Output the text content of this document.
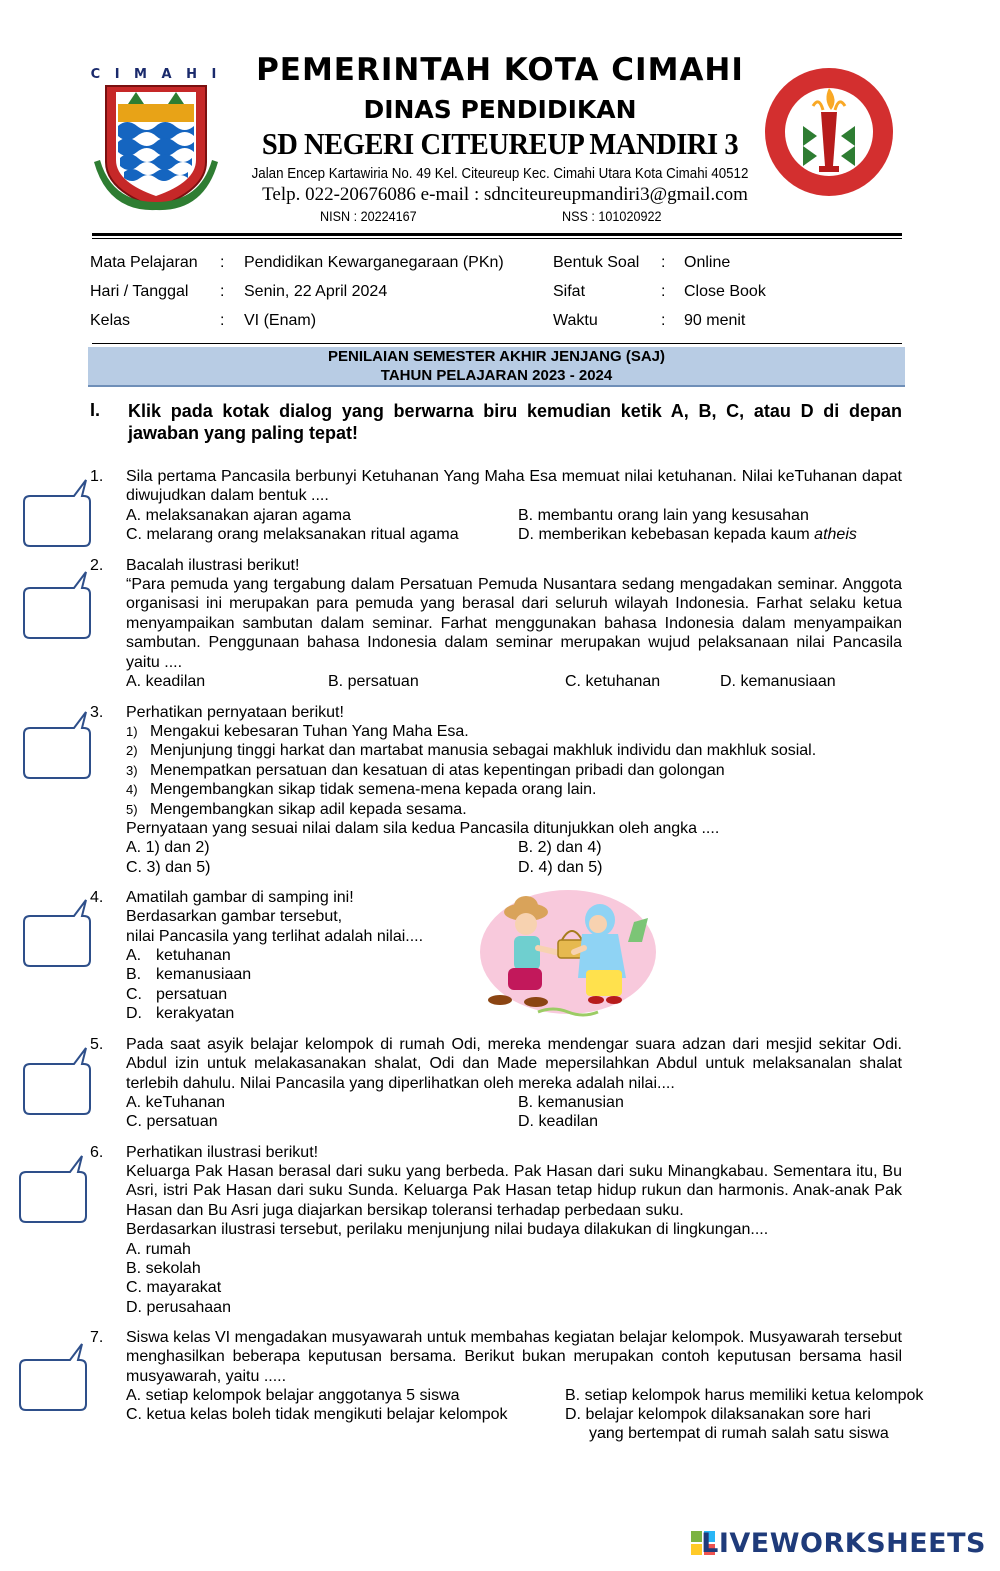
C I M A H I	PEMERINTAH KOTA CIMAHI
DINAS PENDIDIKAN
SD NEGERI CITEUREUP MANDIRI 3
Jalan Encep Kartawiria No. 49 Kel. Citeureup Kec. Cimahi Utara Kota Cimahi 40512
Telp. 022-20676086 e-mail : sdnciteureupmandiri3@gmail.com
NISN : 20224167	NSS : 101020922
Mata Pelajaran : Pendidikan Kewarganegaraan (PKn)	Bentuk Soal : Online
Hari / Tanggal : Senin, 22 April 2024	Sifat	: Close Book
Kelas	: VI (Enam)	Waktu	: 90 menit
PENILAIAN SEMESTER AKHIR JENJANG (SAJ)
TAHUN PELAJARAN 2023 - 2024
I. Klik pada kotak dialog yang berwarna biru kemudian ketik A, B, C, atau D di depan jawaban yang paling tepat!
1. Sila pertama Pancasila berbunyi Ketuhanan Yang Maha Esa memuat nilai ketuhanan. Nilai keTuhanan dapat diwujudkan dalam bentuk ....
A. melaksanakan ajaran agama	B. membantu orang lain yang kesusahan
C. melarang orang melaksanakan ritual agama	D. memberikan kebebasan kepada kaum atheis
2. Bacalah ilustrasi berikut!
“Para pemuda yang tergabung dalam Persatuan Pemuda Nusantara sedang mengadakan seminar. Anggota organisasi ini merupakan para pemuda yang berasal dari seluruh wilayah Indonesia. Farhat selaku ketua menyampaikan sambutan dalam seminar. Farhat menggunakan bahasa Indonesia dalam menyampaikan sambutan. Penggunaan bahasa Indonesia dalam seminar merupakan wujud pelaksanaan nilai Pancasila yaitu ....
A. keadilan	B. persatuan	C. ketuhanan	D. kemanusiaan
3. Perhatikan pernyataan berikut!
1) Mengakui kebesaran Tuhan Yang Maha Esa.
2) Menjunjung tinggi harkat dan martabat manusia sebagai makhluk individu dan makhluk sosial.
3) Menempatkan persatuan dan kesatuan di atas kepentingan pribadi dan golongan
4) Mengembangkan sikap tidak semena-mena kepada orang lain.
5) Mengembangkan sikap adil kepada sesama.
Pernyataan yang sesuai nilai dalam sila kedua Pancasila ditunjukkan oleh angka ....
A. 1) dan 2)	B. 2) dan 4)
C. 3) dan 5)	D. 4) dan 5)
4. Amatilah gambar di samping ini!
Berdasarkan gambar tersebut,
nilai Pancasila yang terlihat adalah nilai....
A. ketuhanan
B. kemanusiaan
C. persatuan
D. kerakyatan
5. Pada saat asyik belajar kelompok di rumah Odi, mereka mendengar suara adzan dari mesjid sekitar Odi. Abdul izin untuk melakasanakan shalat, Odi dan Made mepersilahkan Abdul untuk melaksanalan shalat terlebih dahulu. Nilai Pancasila yang diperlihatkan oleh mereka adalah nilai....
A. keTuhanan	B. kemanusian
C. persatuan	D. keadilan
6. Perhatikan ilustrasi berikut!
Keluarga Pak Hasan berasal dari suku yang berbeda. Pak Hasan dari suku Minangkabau. Sementara itu, Bu Asri, istri Pak Hasan dari suku Sunda. Keluarga Pak Hasan tetap hidup rukun dan harmonis. Anak-anak Pak Hasan dan Bu Asri juga diajarkan bersikap toleransi terhadap perbedaan suku.
Berdasarkan ilustrasi tersebut, perilaku menjunjung nilai budaya dilakukan di lingkungan....
A. rumah
B. sekolah
C. mayarakat
D. perusahaan
7. Siswa kelas VI mengadakan musyawarah untuk membahas kegiatan belajar kelompok. Musyawarah tersebut menghasilkan beberapa keputusan bersama. Berikut bukan merupakan contoh keputusan bersama hasil musyawarah, yaitu .....
A. setiap kelompok belajar anggotanya 5 siswa	B. setiap kelompok harus memiliki ketua kelompok
C. ketua kelas boleh tidak mengikuti belajar kelompok	D. belajar kelompok dilaksanakan sore hari
yang bertempat di rumah salah satu siswa
LIVEWORKSHEETS
